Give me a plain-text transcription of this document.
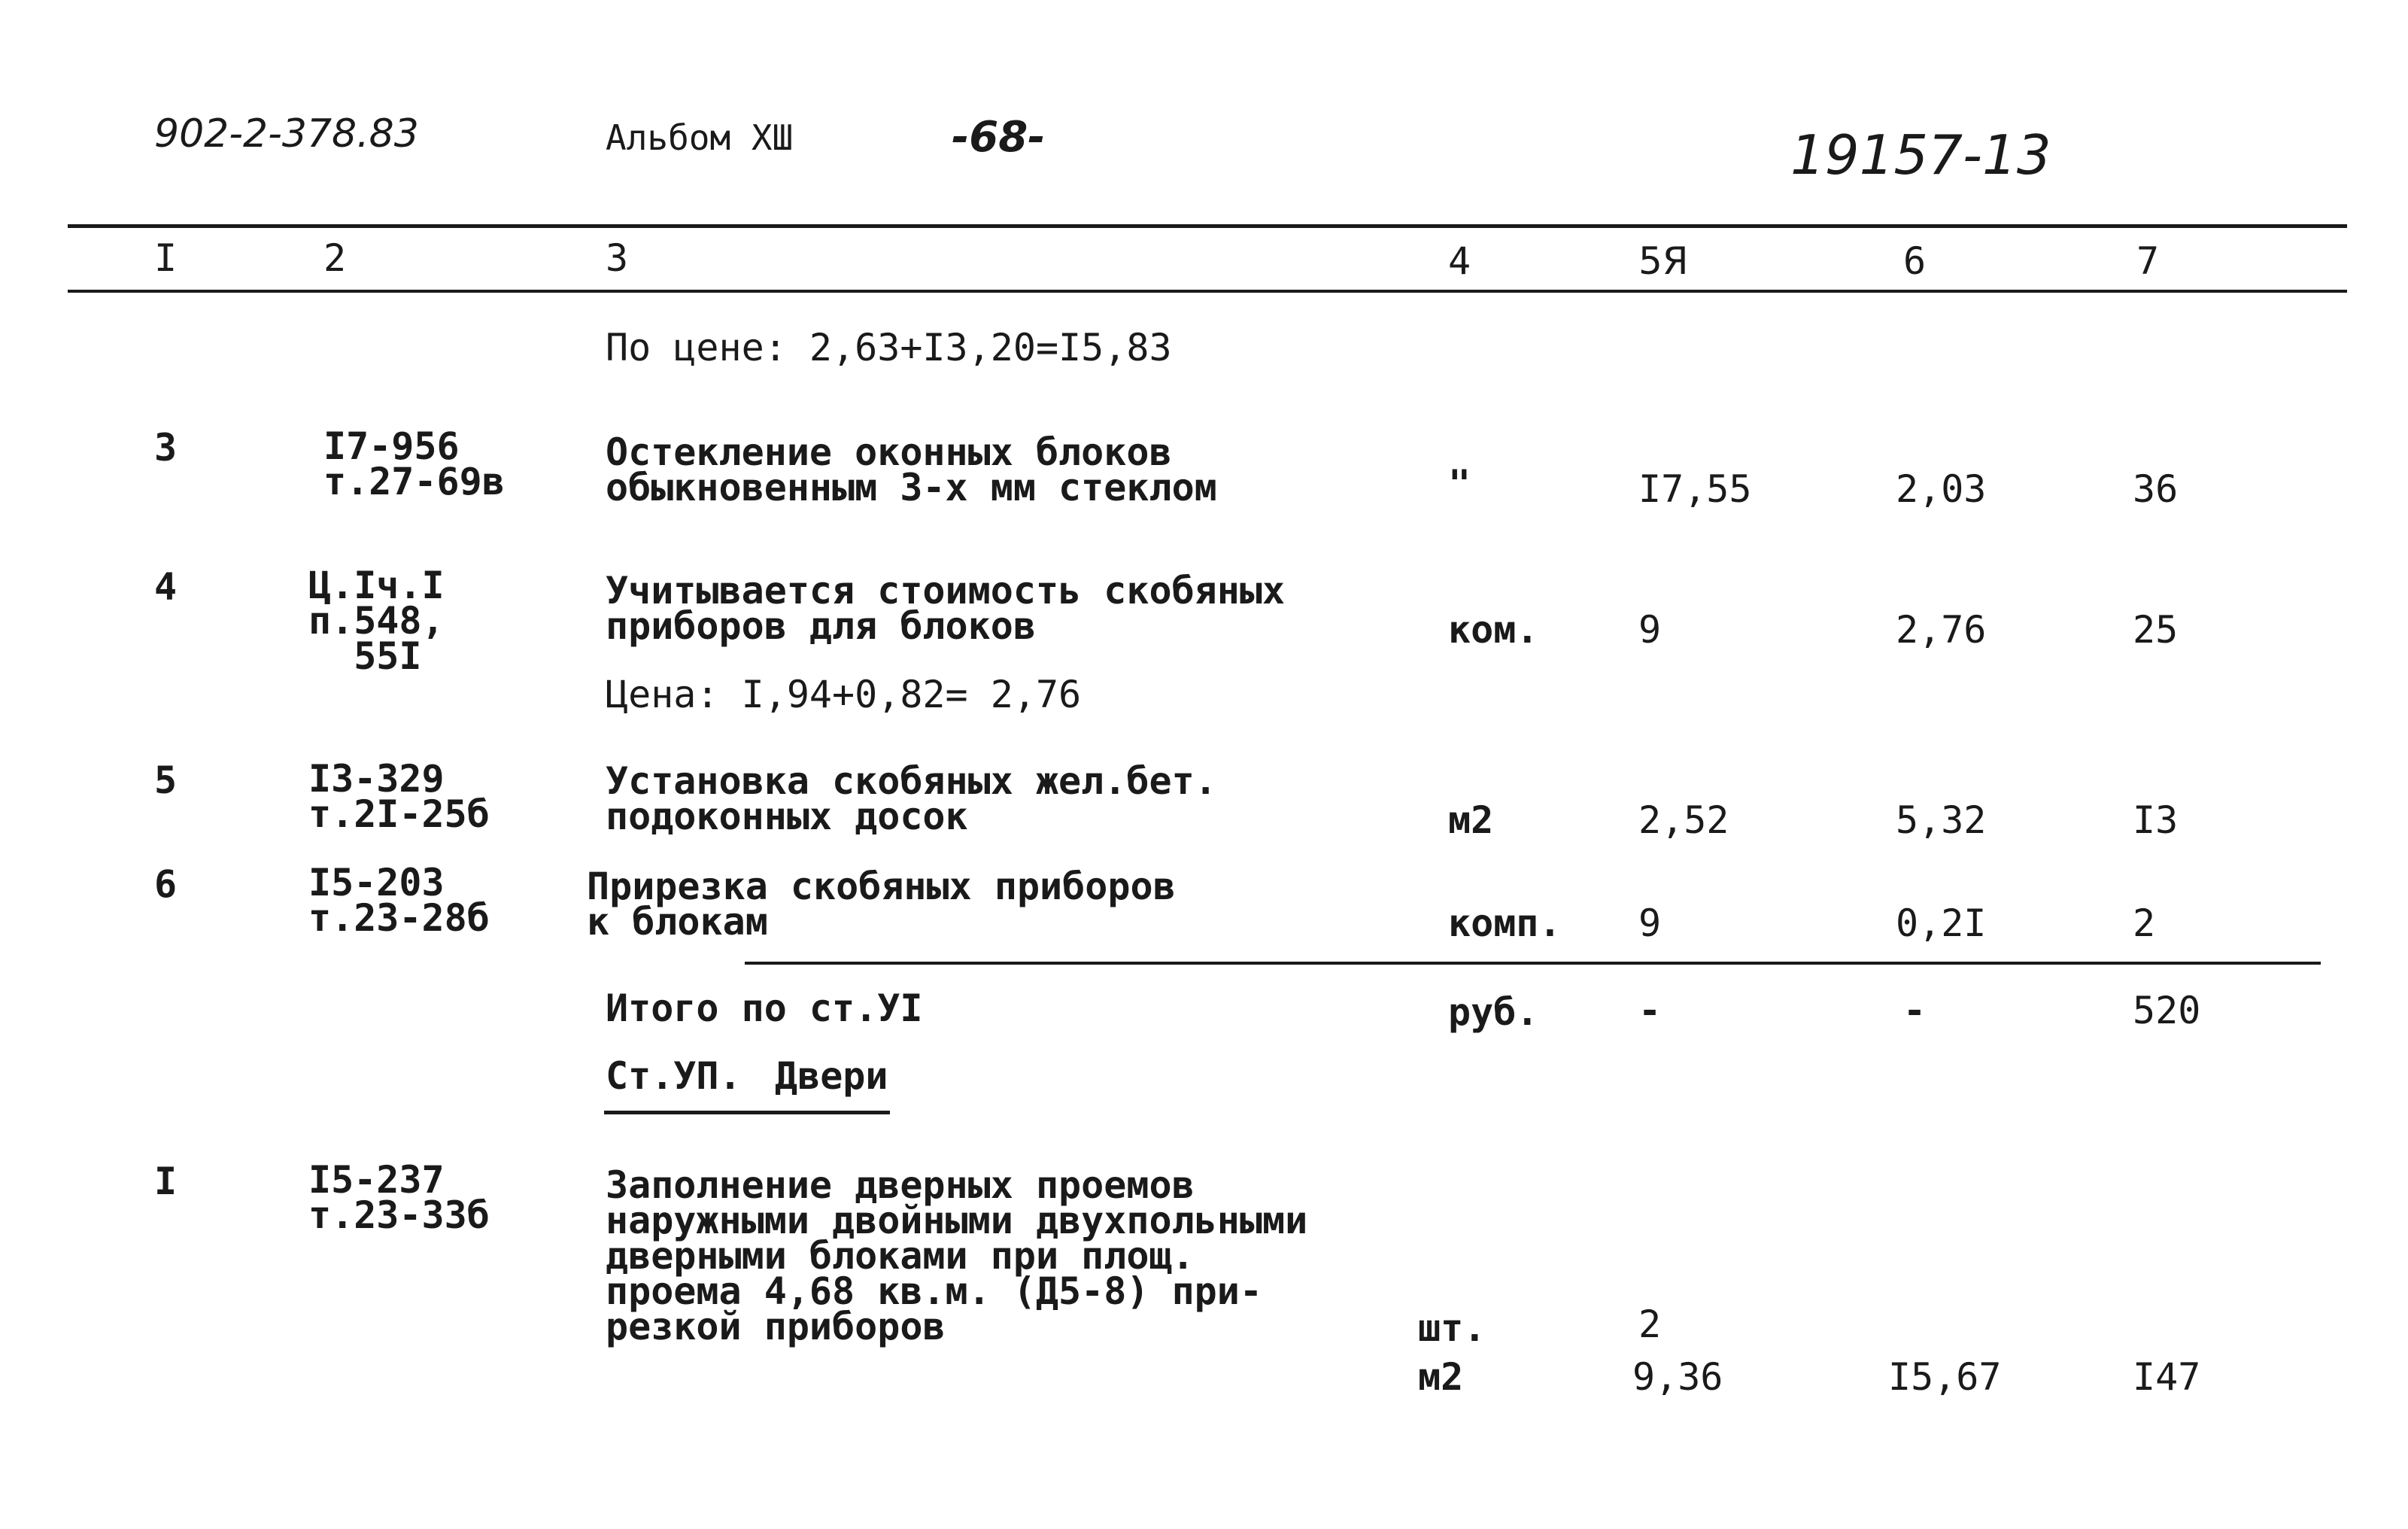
902-2-378.83	Альбом ХШ	-68-	19157-13
I	2	3	4	5Я	6	7
По цене: 2,63+I3,20=I5,83
3	I7-956
т.27-69в
Остекление оконных блоков
обыкновенным 3-х мм стеклом	"	I7,55	2,03	36
4	Ц.Iч.I
п.548,
55I
Учитывается стоимость скобяных
приборов для блоков	ком.	9	2,76	25
Цена: I,94+0,82= 2,76
5	I3-329
т.2I-25б
Установка скобяных жел.бет.
подоконных досок	м2	2,52	5,32	I3
6	I5-203
т.23-28б
Прирезка скобяных приборов
к блокам	комп. 9	0,2I	2
Итого по ст.УI	руб.	-	-	520
Ст.УП. Двери
I	I5-237
т.23-33б
Заполнение дверных проемов
наружными двойными двухпольными
дверными блоками при площ.
проема 4,68 кв.м. (Д5-8) при-
резкой приборов	шт.	2
м2	9,36	I5,67	I47
